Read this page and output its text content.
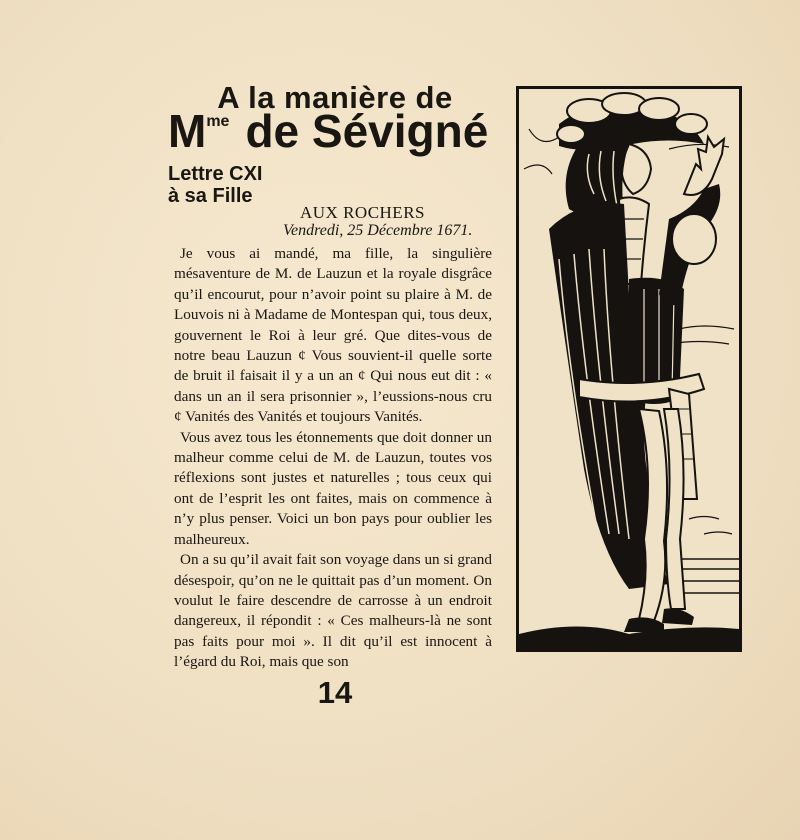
A la manière de
$M^{me}$ de Sévigné
Lettre CXI
à sa Fille
AUX ROCHERS
Vendredi, 25 Décembre 1671.

Je vous ai mandé, ma fille, la singulière mésaventure de M. de Lauzun et la royale disgrâce qu’il encourut, pour n’avoir point su plaire à M. de Louvois ni à Madame de Montespan qui, tous deux, gouvernent le Roi à leur gré. Que dites-vous de notre beau Lauzun ¢ Vous souvient-il quelle sorte de bruit il faisait il y a un an ¢ Qui nous eut dit : « dans un an il sera prisonnier », l’eussions-nous cru ¢ Vanités des Vanités et toujours Vanités.

Vous avez tous les étonnements que doit donner un malheur comme celui de M. de Lauzun, toutes vos réflexions sont justes et naturelles ; tous ceux qui ont de l’esprit les ont faites, mais on commence à n’y plus penser. Voici un bon pays pour oublier les malheureux.

On a su qu’il avait fait son voyage dans un si grand désespoir, qu’on ne le quittait pas d’un moment. On voulut le faire descendre de carrosse à un endroit dangereux, il répondit : « Ces malheurs-là ne sont pas faits pour moi ». Il dit qu’il est innocent à l’égard du Roi, mais que son

14
